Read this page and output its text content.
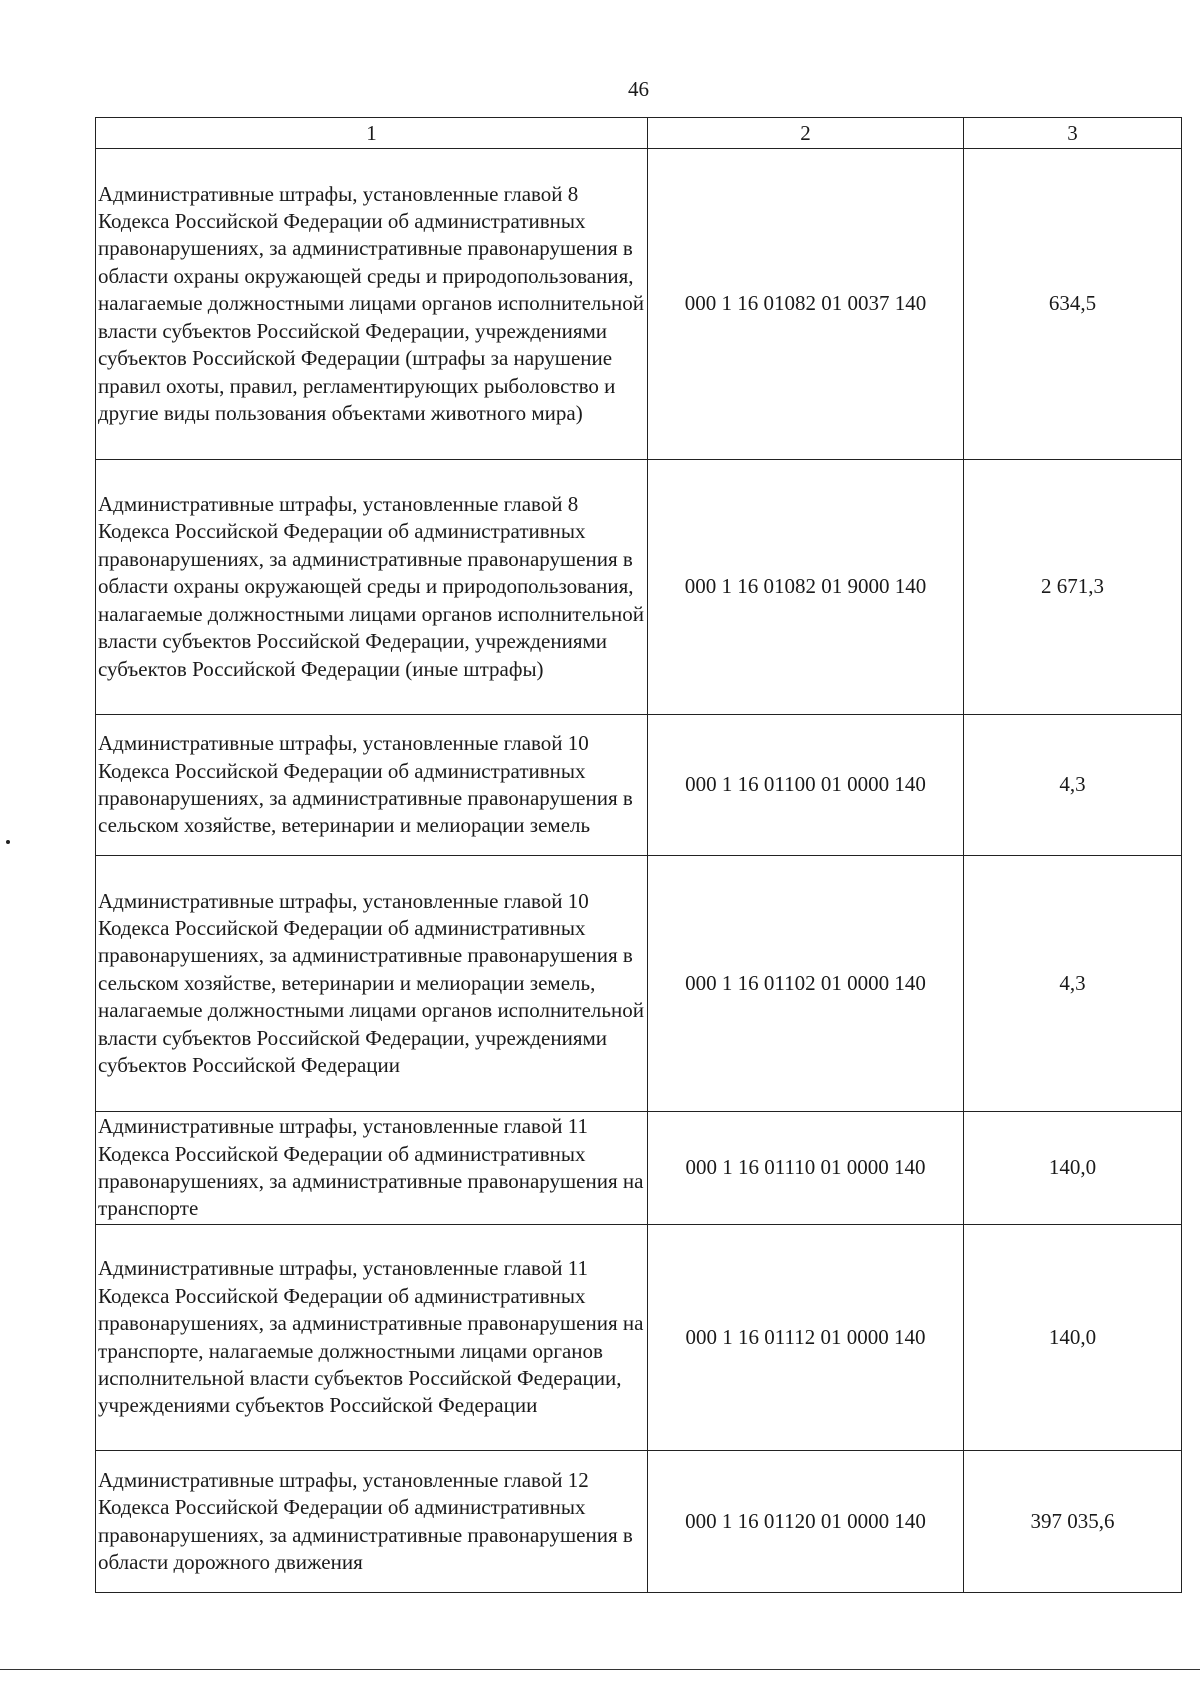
46
1	2	3
Административные штрафы, установленные главой 8 Кодекса Российской Федерации об административных правонарушениях, за административные правонарушения в области охраны окружающей среды и природопользования, налагаемые должностными лицами органов исполнительной власти субъектов Российской Федерации, учреждениями субъектов Российской Федерации (штрафы за нарушение правил охоты, правил, регламентирующих рыболовство и другие виды пользования объектами животного мира)	000 1 16 01082 01 0037 140	634,5
Административные штрафы, установленные главой 8 Кодекса Российской Федерации об административных правонарушениях, за административные правонарушения в области охраны окружающей среды и природопользования, налагаемые должностными лицами органов исполнительной власти субъектов Российской Федерации, учреждениями субъектов Российской Федерации (иные штрафы)	000 1 16 01082 01 9000 140	2 671,3
Административные штрафы, установленные главой 10 Кодекса Российской Федерации об административных правонарушениях, за административные правонарушения в сельском хозяйстве, ветеринарии и мелиорации земель	000 1 16 01100 01 0000 140	4,3
Административные штрафы, установленные главой 10 Кодекса Российской Федерации об административных правонарушениях, за административные правонарушения в сельском хозяйстве, ветеринарии и мелиорации земель, налагаемые должностными лицами органов исполнительной власти субъектов Российской Федерации, учреждениями субъектов Российской Федерации	000 1 16 01102 01 0000 140	4,3
Административные штрафы, установленные главой 11 Кодекса Российской Федерации об административных правонарушениях, за административные правонарушения на транспорте	000 1 16 01110 01 0000 140	140,0
Административные штрафы, установленные главой 11 Кодекса Российской Федерации об административных правонарушениях, за административные правонарушения на транспорте, налагаемые должностными лицами органов исполнительной власти субъектов Российской Федерации, учреждениями субъектов Российской Федерации	000 1 16 01112 01 0000 140	140,0
Административные штрафы, установленные главой 12 Кодекса Российской Федерации об административных правонарушениях, за административные правонарушения в области дорожного движения	000 1 16 01120 01 0000 140	397 035,6
